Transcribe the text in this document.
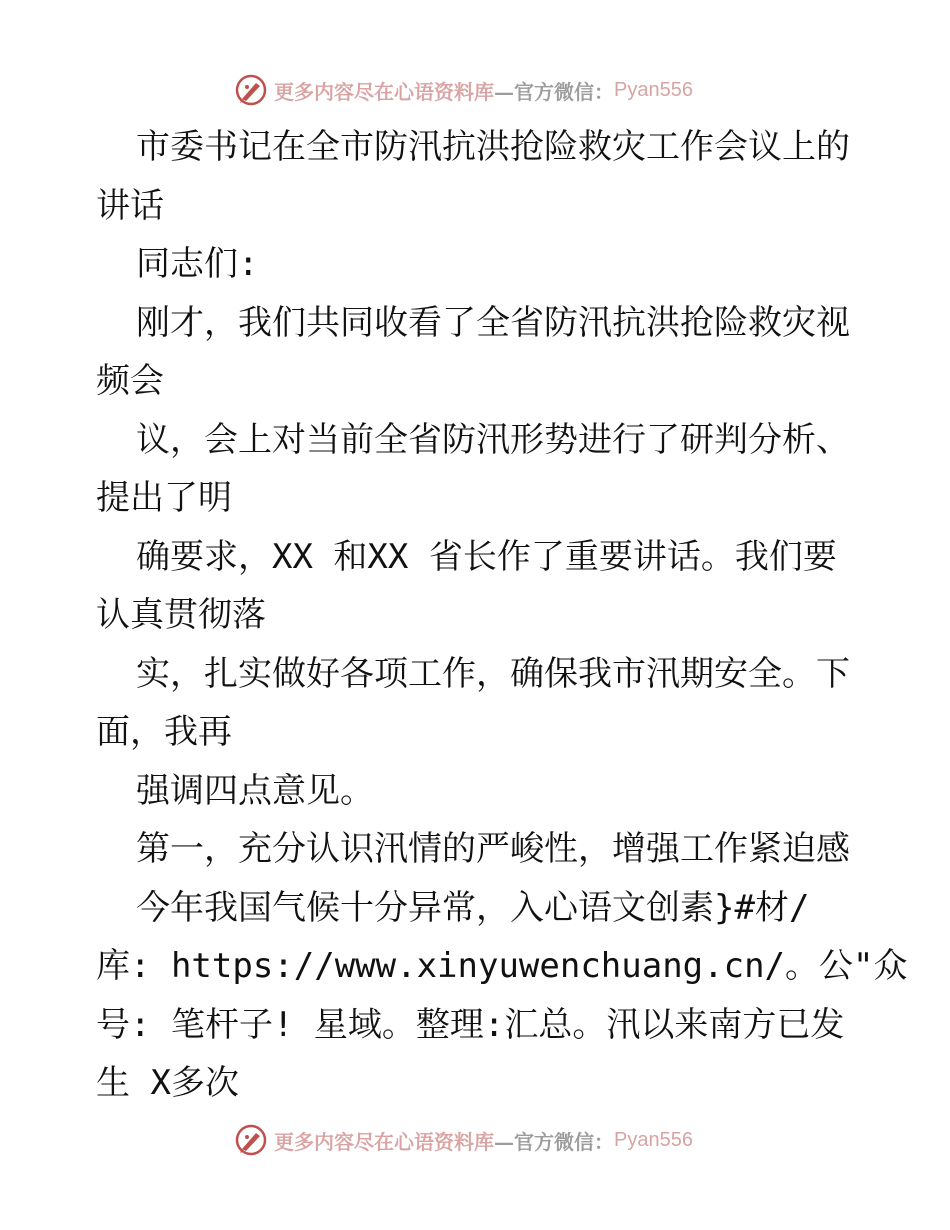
更多内容尽在心语资料库 —官方微信： Pyan556

市委书记在全市防汛抗洪抢险救灾工作会议上的

讲话

同志们:

刚才，我们共同收看了全省防汛抗洪抢险救灾视

频会

议，会上对当前全省防汛形势进行了研判分析、

提出了明

确要求，XX 和XX 省长作了重要讲话。我们要

认真贯彻落

实，扎实做好各项工作，确保我市汛期安全。下

面，我再

强调四点意见。

第一，充分认识汛情的严峻性，增强工作紧迫感

今年我国气候十分异常，入心语文创素}#材/

库: https://www.xinyuwenchuang.cn/。公"众

号: 笔杆子! 星域。整理:汇总。汛以来南方已发

生 X多次

更多内容尽在心语资料库 —官方微信： Pyan556
